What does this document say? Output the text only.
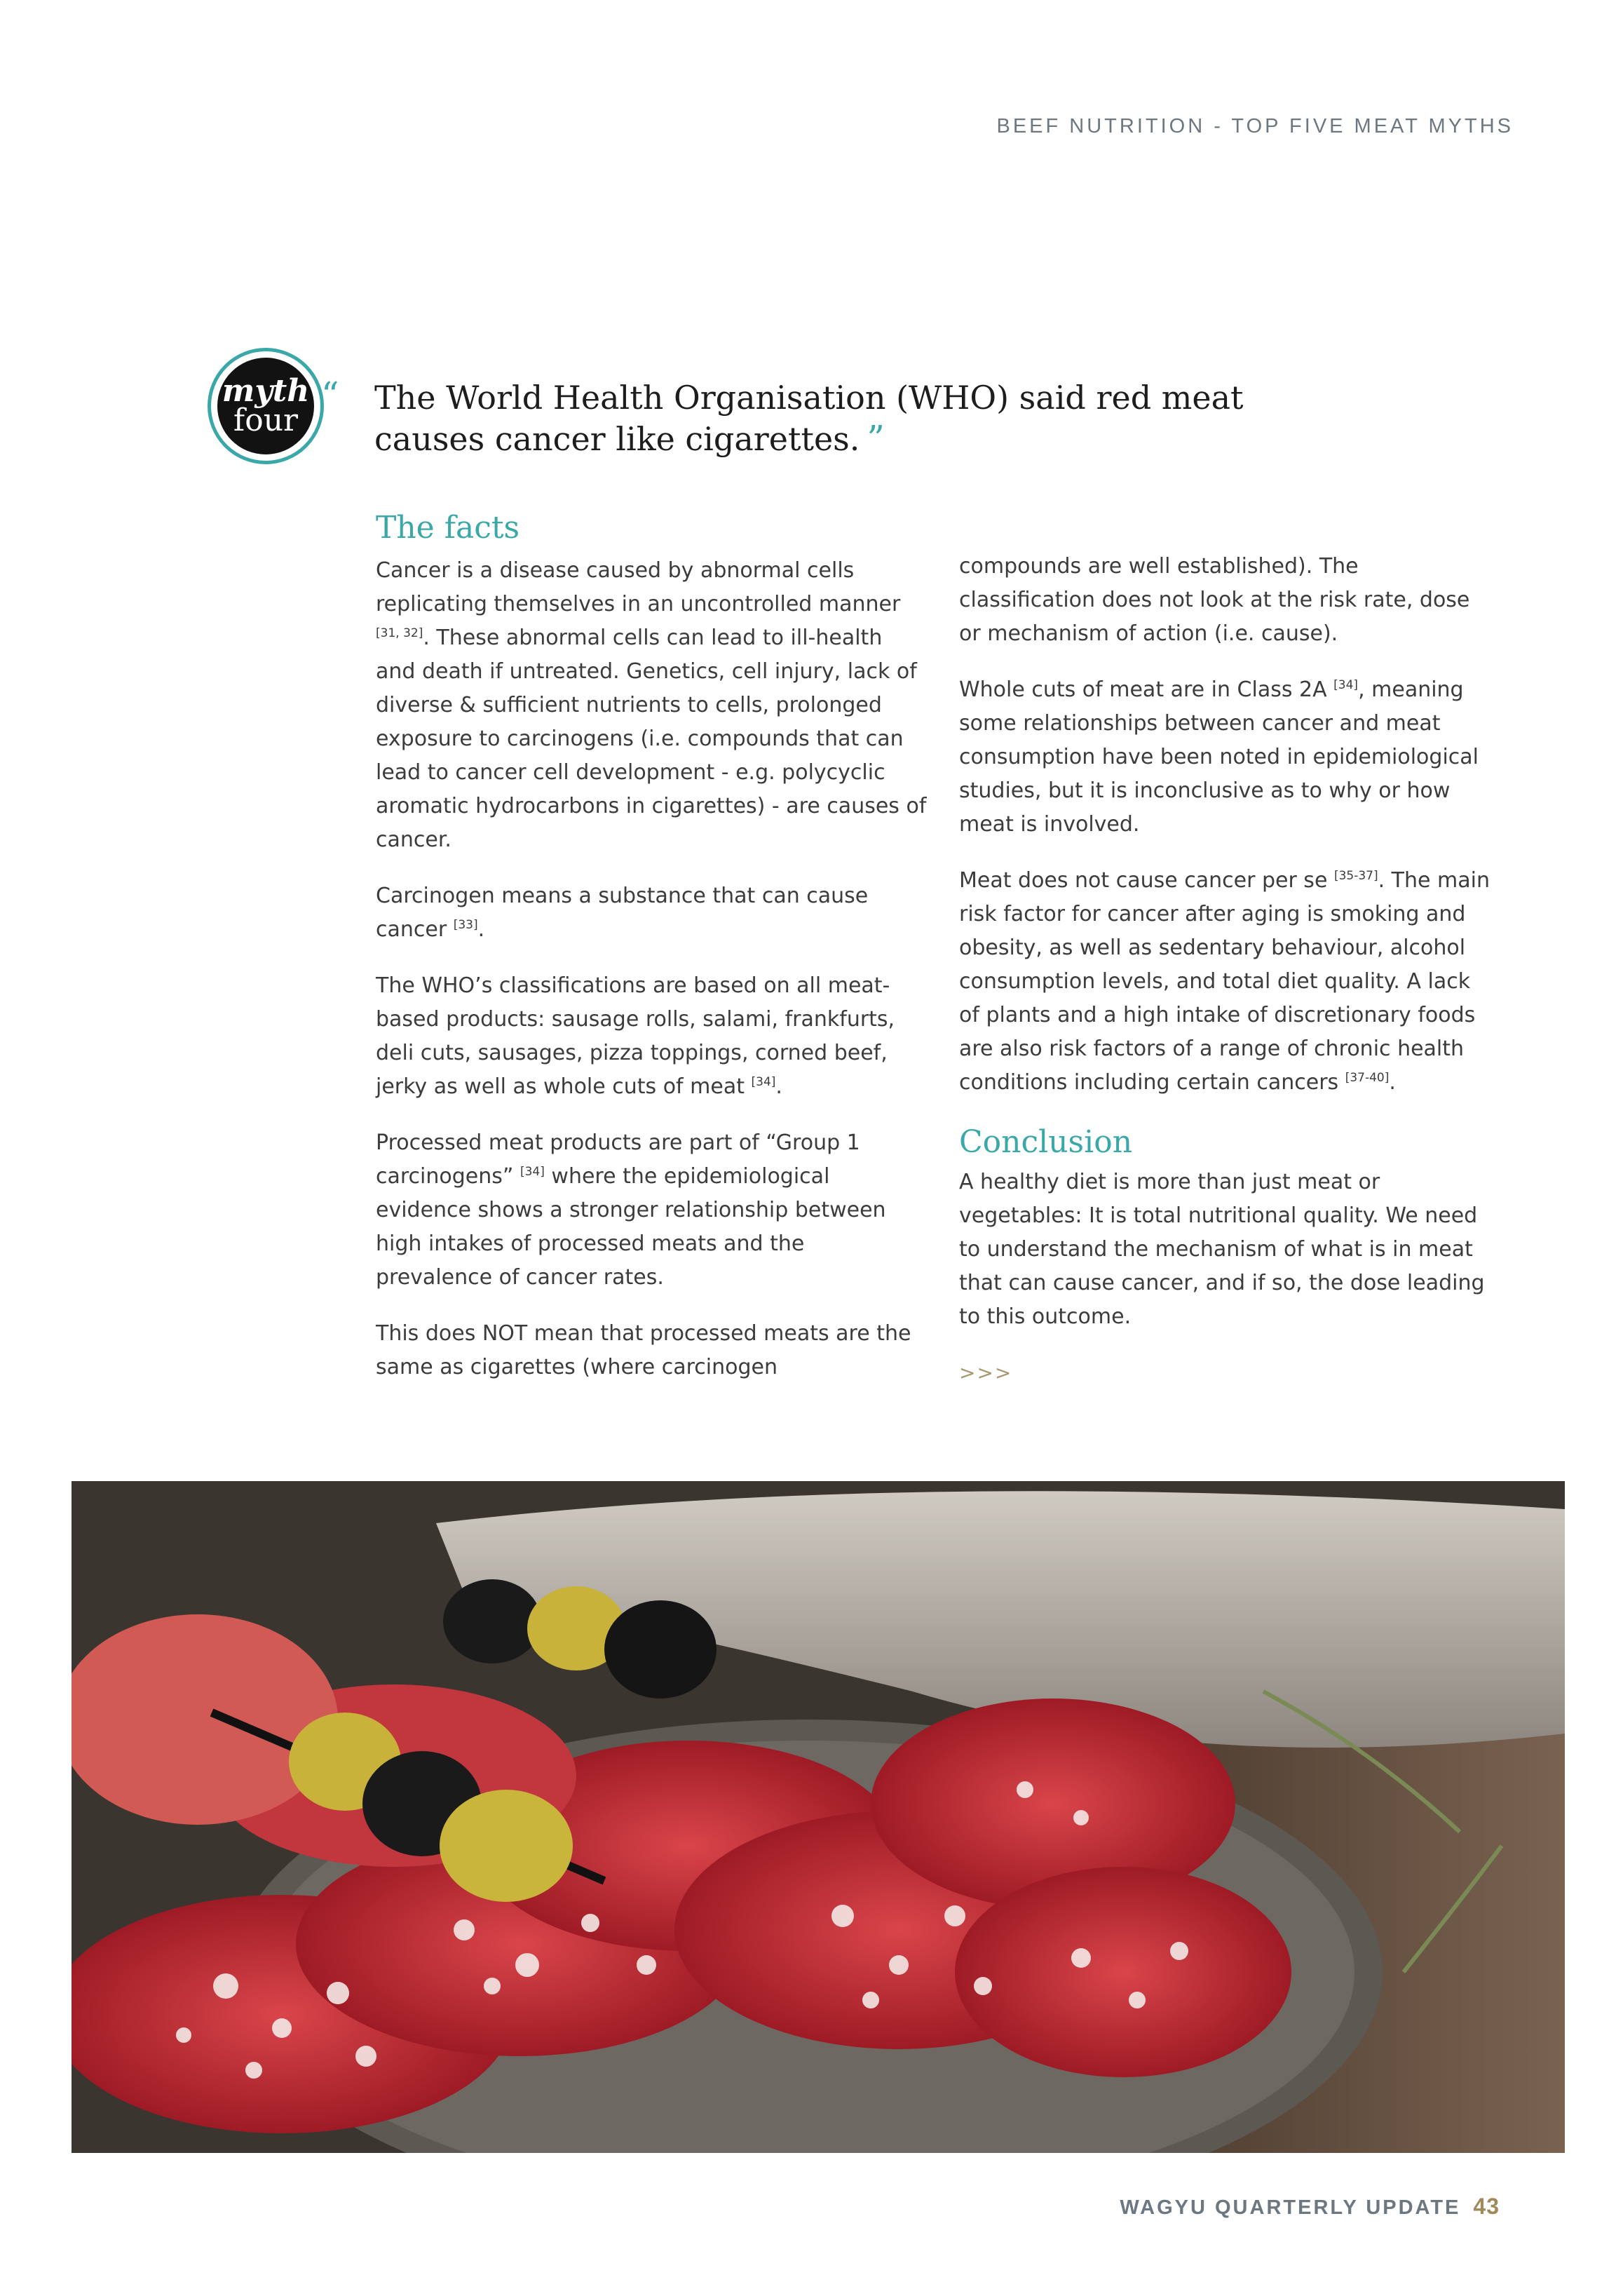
BEEF NUTRITION - TOP FIVE MEAT MYTHS
myth
four
“	The World Health Organisation (WHO) said red meat
causes cancer like cigarettes. ”
The facts

Cancer is a disease caused by abnormal cells replicating themselves in an uncontrolled manner [31, 32]. These abnormal cells can lead to ill-health and death if untreated. Genetics, cell injury, lack of diverse & sufficient nutrients to cells, prolonged exposure to carcinogens (i.e. compounds that can lead to cancer cell development - e.g. polycyclic aromatic hydrocarbons in cigarettes) - are causes of cancer.

Carcinogen means a substance that can cause cancer [33].

The WHO’s classifications are based on all meat-based products: sausage rolls, salami, frankfurts, deli cuts, sausages, pizza toppings, corned beef, jerky as well as whole cuts of meat [34].

Processed meat products are part of “Group 1 carcinogens” [34] where the epidemiological evidence shows a stronger relationship between high intakes of processed meats and the prevalence of cancer rates.

This does NOT mean that processed meats are the same as cigarettes (where carcinogen

compounds are well established). The classification does not look at the risk rate, dose or mechanism of action (i.e. cause).

Whole cuts of meat are in Class 2A [34], meaning some relationships between cancer and meat consumption have been noted in epidemiological studies, but it is inconclusive as to why or how meat is involved.

Meat does not cause cancer per se [35-37]. The main risk factor for cancer after aging is smoking and obesity, as well as sedentary behaviour, alcohol consumption levels, and total diet quality. A lack of plants and a high intake of discretionary foods are also risk factors of a range of chronic health conditions including certain cancers [37-40].

Conclusion

A healthy diet is more than just meat or vegetables: It is total nutritional quality. We need to understand the mechanism of what is in meat that can cause cancer, and if so, the dose leading to this outcome.

>>>
WAGYU QUARTERLY UPDATE 43
